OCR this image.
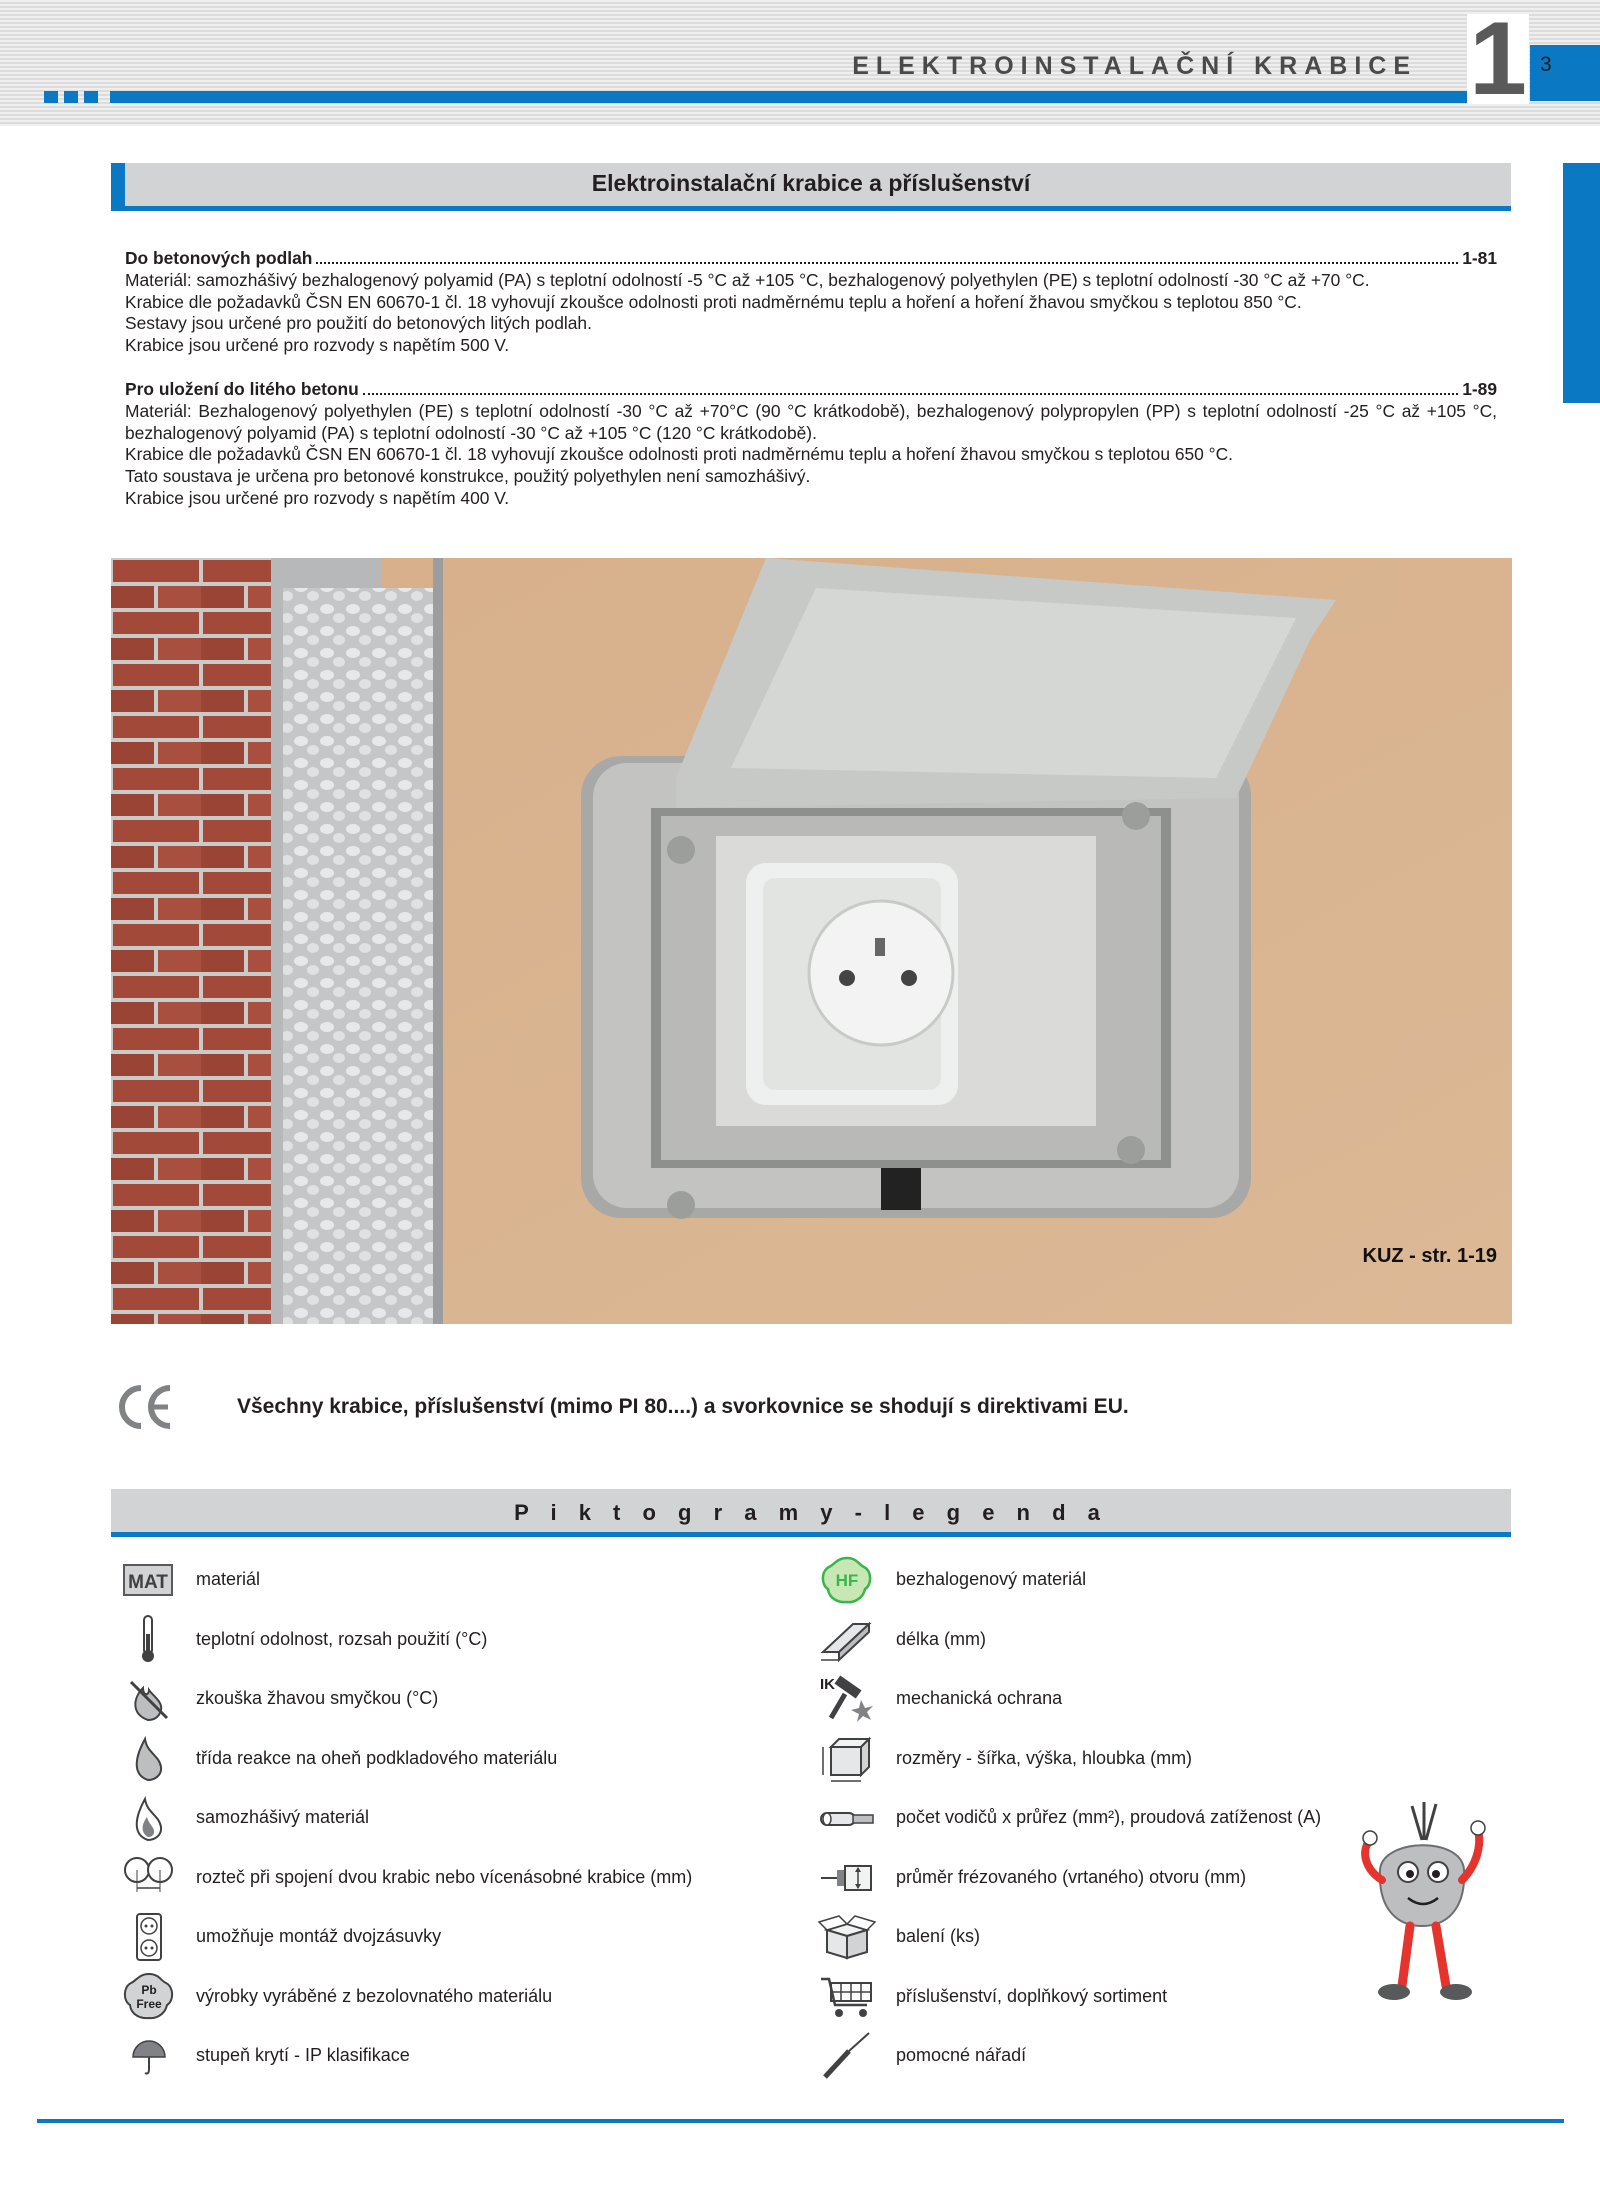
ELEKTROINSTALAČNÍ KRABICE 1 3
Elektroinstalační krabice a příslušenství
Do betonových podlah	1-81

Materiál: samozhášivý bezhalogenový polyamid (PA) s teplotní odolností -5 °C až +105 °C, bezhalogenový polyethylen (PE) s teplotní odolností -30 °C až +70 °C.

Krabice dle požadavků ČSN EN 60670-1 čl. 18 vyhovují zkoušce odolnosti proti nadměrnému teplu a hoření a hoření žhavou smyčkou s teplotou 850 °C.

Sestavy jsou určené pro použití do betonových litých podlah.

Krabice jsou určené pro rozvody s napětím 500 V.

Pro uložení do litého betonu	1-89

Materiál: Bezhalogenový polyethylen (PE) s teplotní odolností -30 °C až +70°C (90 °C krátkodobě), bezhalogenový polypropylen (PP) s teplotní odolností -25 °C až +105 °C, bezhalogenový polyamid (PA) s teplotní odolností -30 °C až +105 °C (120 °C krátkodobě).

Krabice dle požadavků ČSN EN 60670-1 čl. 18 vyhovují zkoušce odolnosti proti nadměrnému teplu a hoření žhavou smyčkou s teplotou 650 °C.

Tato soustava je určena pro betonové konstrukce, použitý polyethylen není samozhášivý.

Krabice jsou určené pro rozvody s napětím 400 V.

KUZ - str. 1-19
Všechny krabice, příslušenství (mimo PI 80....) a svorkovnice se shodují s direktivami EU.
P i k t o g r a m y - l e g e n d a
MAT materiál
teplotní odolnost, rozsah použití (°C)
zkouška žhavou smyčkou (°C)
třída reakce na oheň podkladového materiálu
samozhášivý materiál
rozteč při spojení dvou krabic nebo vícenásobné krabice (mm)
umožňuje montáž dvojzásuvky
Pb
Free výrobky vyráběné z bezolovnatého materiálu
stupeň krytí - IP klasifikace
HF bezhalogenový materiál
délka (mm)
IK
mechanická ochrana
rozměry - šířka, výška, hloubka (mm)
počet vodičů x průřez (mm²), proudová zatíženost (A)
průměr frézovaného (vrtaného) otvoru (mm)
balení (ks)
příslušenství, doplňkový sortiment
pomocné nářadí
